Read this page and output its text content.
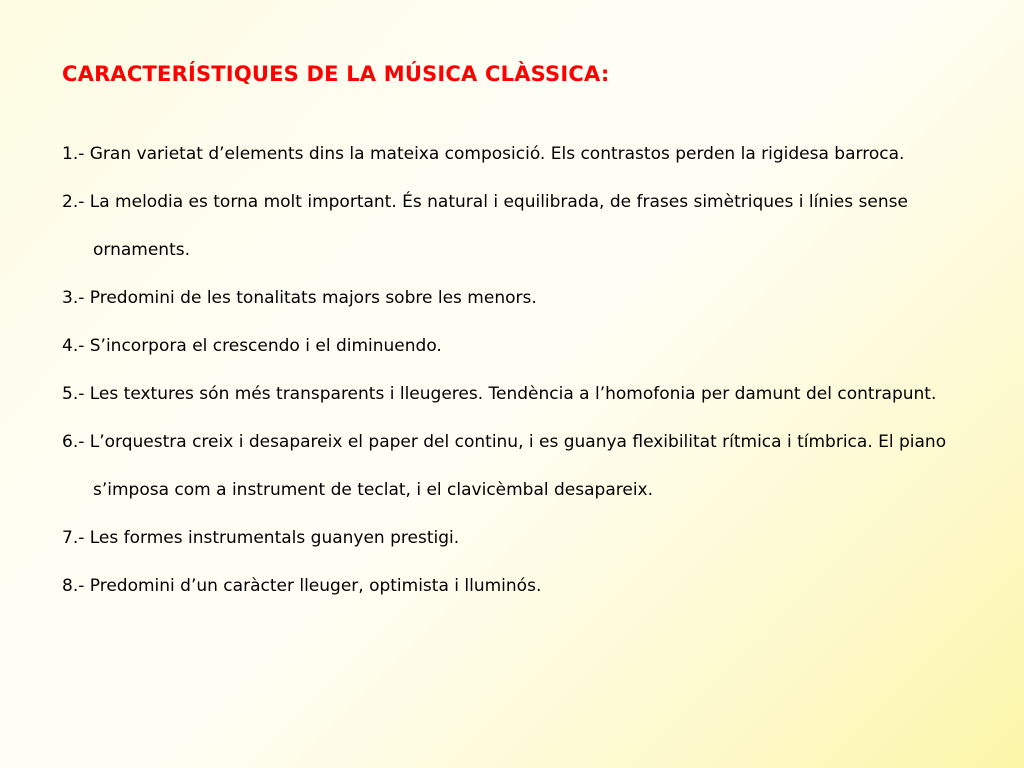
CARACTERÍSTIQUES DE LA MÚSICA CLÀSSICA:
1.- Gran varietat d’elements dins la mateixa composició. Els contrastos perden la rigidesa barroca.
2.- La melodia es torna molt important. És natural i equilibrada, de frases simètriques i línies sense ornaments.
3.- Predomini de les tonalitats majors sobre les menors.
4.- S’incorpora el crescendo i el diminuendo.
5.- Les textures són més transparents i lleugeres. Tendència a l’homofonia per damunt del contrapunt.
6.- L’orquestra creix i desapareix el paper del continu, i es guanya flexibilitat rítmica i tímbrica. El piano s’imposa com a instrument de teclat, i el clavicèmbal desapareix.
7.- Les formes instrumentals guanyen prestigi.
8.- Predomini d’un caràcter lleuger, optimista i lluminós.
